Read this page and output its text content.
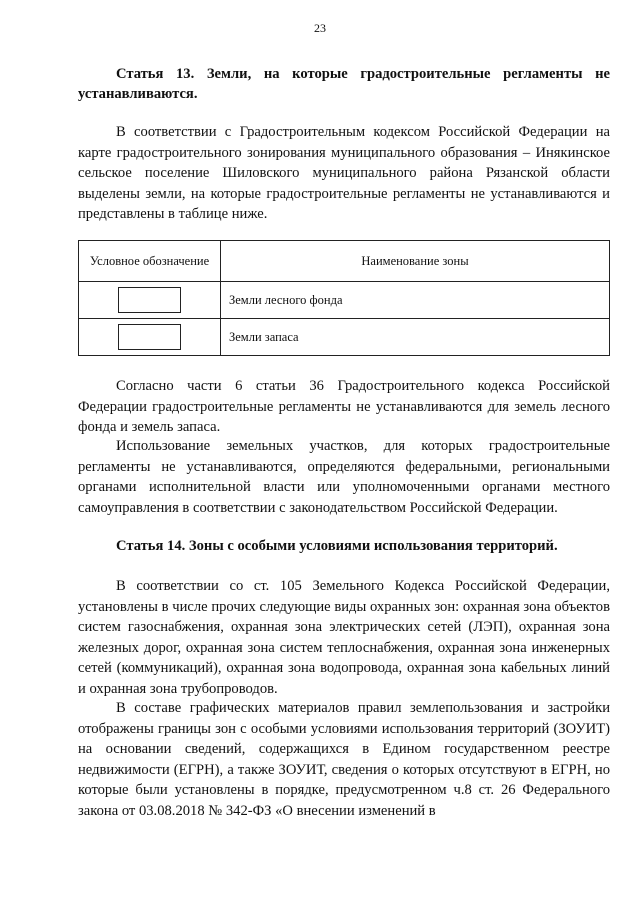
23

Статья 13. Земли, на которые градостроительные регламенты не устанавливаются.

В соответствии с Градостроительным кодексом Российской Федерации на карте градостроительного зонирования муниципального образования – Инякинское сельское поселение Шиловского муниципального района Рязанской области выделены земли, на которые градостроительные регламенты не устанавливаются и представлены в таблице ниже.

Условное обозначение	Наименование зоны

	Земли лесного фонда

	Земли запаса

Согласно части 6 статьи 36 Градостроительного кодекса Российской Федерации градостроительные регламенты не устанавливаются для земель лесного фонда и земель запаса.

Использование земельных участков, для которых градостроительные регламенты не устанавливаются, определяются федеральными, региональными органами исполнительной власти или уполномоченными органами местного самоуправления в соответствии с законодательством Российской Федерации.

Статья 14. Зоны с особыми условиями использования территорий.

В соответствии со ст. 105 Земельного Кодекса Российской Федерации, установлены в числе прочих следующие виды охранных зон: охранная зона объектов систем газоснабжения, охранная зона электрических сетей (ЛЭП), охранная зона железных дорог, охранная зона систем теплоснабжения, охранная зона инженерных сетей (коммуникаций), охранная зона водопровода, охранная зона кабельных линий и охранная зона трубопроводов.

В составе графических материалов правил землепользования и застройки отображены границы зон с особыми условиями использования территорий (ЗОУИТ) на основании сведений, содержащихся в Едином государственном реестре недвижимости (ЕГРН), а также ЗОУИТ, сведения о которых отсутствуют в ЕГРН, но которые были установлены в порядке, предусмотренном ч.8 ст. 26 Федерального закона от 03.08.2018 № 342-ФЗ «О внесении изменений в
